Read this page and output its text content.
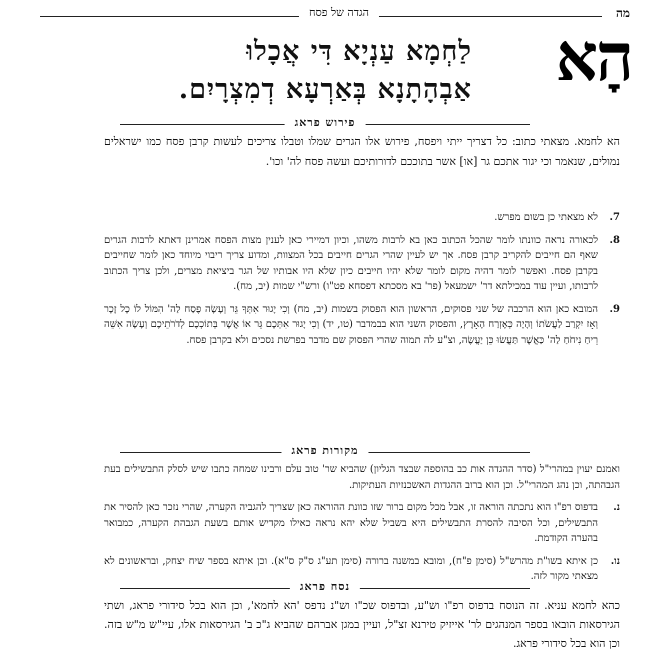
מה
הגדה של פסח
הָא
לַחְמָא עַנְיָא דִּי אֲכָלוּ
אַבְהָתָנָא בְּאַרְעָא דְמִצְרָיִם.
פירוש פראג

הא לחמא. מצאתי כתוב: כל דצריך ייתי ויפסח, פירוש אלו הגרים שמלו וטבלו צריכים לעשות קרבן פסח כמו ישראלים נמולים, שנאמר וכי יגור אתכם גר [או] אשר בתוככם לדורותיכם ועשה פסח לה' וכו'.

7.
לא מצאתי כן בשום מפרש.
8.
לכאורה נראה כוונתו לומר שהכל הכתוב כאן בא לרבות משהו, וכיון דמיירי כאן לענין מצות הפסח אמרינן דאתא לרבות הגרים שאף הם חייבים להקריב קרבן פסח. אך יש לעיין שהרי הגרים חייבים בכל המצוות, ומדוע צריך ריבוי מיוחד כאן לומר שחייבים בקרבן פסח. ואפשר לומר דהיה מקום לומר שלא יהיו חייבים כיון שלא היו אבותיו של הגר ביציאת מצרים, ולכן צריך הכתוב לרבותו, ועיין עוד במכילתא דר' ישמעאל (פר' בא מסכתא דפסחא פט"ו) ורש"י שמות (יב, מח).
9.
המובא כאן הוא הרכבה של שני פסוקים, הראשון הוא הפסוק בשמות (יב, מח) וְכִי יָגוּר אִתְּךָ גֵּר וְעָשָׂה פֶסַח לַה' הִמּוֹל לוֹ כָל זָכָר וְאָז יִקְרַב לַעֲשֹׂתוֹ וְהָיָה כְּאֶזְרַח הָאָרֶץ, והפסוק השני הוא בבמדבר (טו, יד) וְכִי יָגוּר אִתְּכֶם גֵּר אוֹ אֲשֶׁר בְּתוֹכְכֶם לְדֹרֹתֵיכֶם וְעָשָׂה אִשֵּׁה רֵיחַ נִיחֹחַ לַה' כַּאֲשֶׁר תַּעֲשׂוּ כֵּן יַעֲשֶׂה, וצ"ע לה תמוה שהרי הפסוק שם מדבר בפרשת נסכים ולא בקרבן פסח.
מקורות פראג
ואמנם יעוין במהרי"ל (סדר ההגדה אות כב בהוספה שבצד הגליון) שהביא שר' טוב עלם ורבינו שמחה כתבו שיש לסלק התבשילים בעת הגבהתה, וכן נהג המהרי"ל. וכן הוא ברוב ההגדות האשכנזיות העתיקות.
נ.
בדפוס רפ"ו הוא נתכתה הוראה זו, אבל מכל מקום ברור שזו כוונת ההוראה כאן שצריך להגביה הקערה, שהרי נזכר כאן להסיר את התבשילים, וכל הסיבה להסרת התבשילים היא בשביל שלא יהא נראה כאילו מקדיש אותם בשעת הגבהת הקערה, כמבואר בהערה הקודמת.
נו.
כן איתא בשו"ת מהרש"ל (סימן פ"ח), ומובא במשנה ברורה (סימן תע"ג ס"ק ס"א). וכן איתא בספר שיח יצחק, ובראשונים לא מצאתי מקור לזה.
נסח פראג

כהא לחמא עניא. זה הנוסח בדפוס רפ"ו וש"ע, ובדפוס שכ"ו וש"נ נדפס 'הא לחמא', וכן הוא בכל סידורי פראג, ושתי הגירסאות הובאו בספר המנהגים לר' אייזיק טירנא זצ"ל, ועיין במגן אברהם שהביא ג"כ ב' הגירסאות אלו, עיי"ש מ"ש בזה. וכן הוא בכל סידורי פראג.
